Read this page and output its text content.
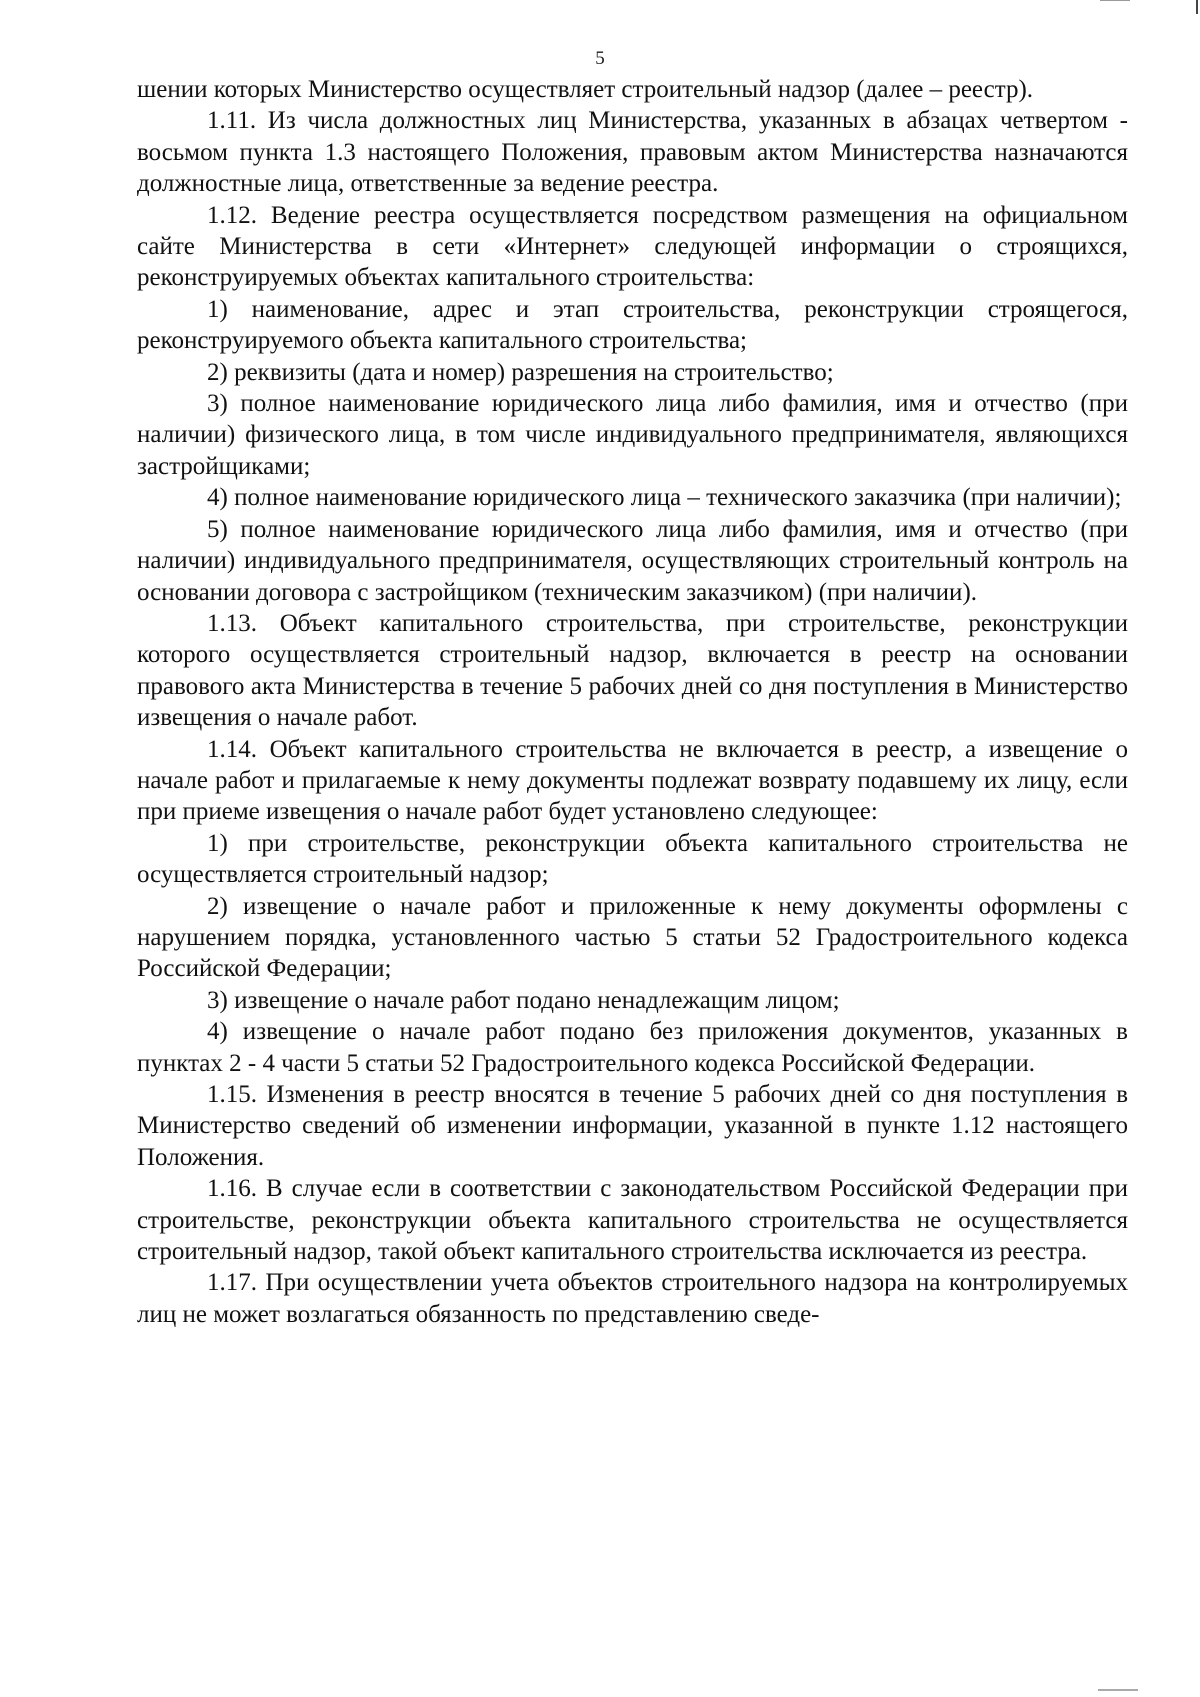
5

шении которых Министерство осуществляет строительный надзор (далее – реестр).

1.11. Из числа должностных лиц Министерства, указанных в абзацах четвертом - восьмом пункта 1.3 настоящего Положения, правовым актом Министерства назначаются должностные лица, ответственные за ведение реестра.

1.12. Ведение реестра осуществляется посредством размещения на официальном сайте Министерства в сети «Интернет» следующей информации о строящихся, реконструируемых объектах капитального строительства:

1) наименование, адрес и этап строительства, реконструкции строящегося, реконструируемого объекта капитального строительства;

2) реквизиты (дата и номер) разрешения на строительство;

3) полное наименование юридического лица либо фамилия, имя и отчество (при наличии) физического лица, в том числе индивидуального предпринимателя, являющихся застройщиками;

4) полное наименование юридического лица – технического заказчика (при наличии);

5) полное наименование юридического лица либо фамилия, имя и отчество (при наличии) индивидуального предпринимателя, осуществляющих строительный контроль на основании договора с застройщиком (техническим заказчиком) (при наличии).

1.13. Объект капитального строительства, при строительстве, реконструкции которого осуществляется строительный надзор, включается в реестр на основании правового акта Министерства в течение 5 рабочих дней со дня поступления в Министерство извещения о начале работ.

1.14. Объект капитального строительства не включается в реестр, а извещение о начале работ и прилагаемые к нему документы подлежат возврату подавшему их лицу, если при приеме извещения о начале работ будет установлено следующее:

1) при строительстве, реконструкции объекта капитального строительства не осуществляется строительный надзор;

2) извещение о начале работ и приложенные к нему документы оформлены с нарушением порядка, установленного частью 5 статьи 52 Градостроительного кодекса Российской Федерации;

3) извещение о начале работ подано ненадлежащим лицом;

4) извещение о начале работ подано без приложения документов, указанных в пунктах 2 - 4 части 5 статьи 52 Градостроительного кодекса Российской Федерации.

1.15. Изменения в реестр вносятся в течение 5 рабочих дней со дня поступления в Министерство сведений об изменении информации, указанной в пункте 1.12 настоящего Положения.

1.16. В случае если в соответствии с законодательством Российской Федерации при строительстве, реконструкции объекта капитального строительства не осуществляется строительный надзор, такой объект капитального строительства исключается из реестра.

1.17. При осуществлении учета объектов строительного надзора на контролируемых лиц не может возлагаться обязанность по представлению сведе-
